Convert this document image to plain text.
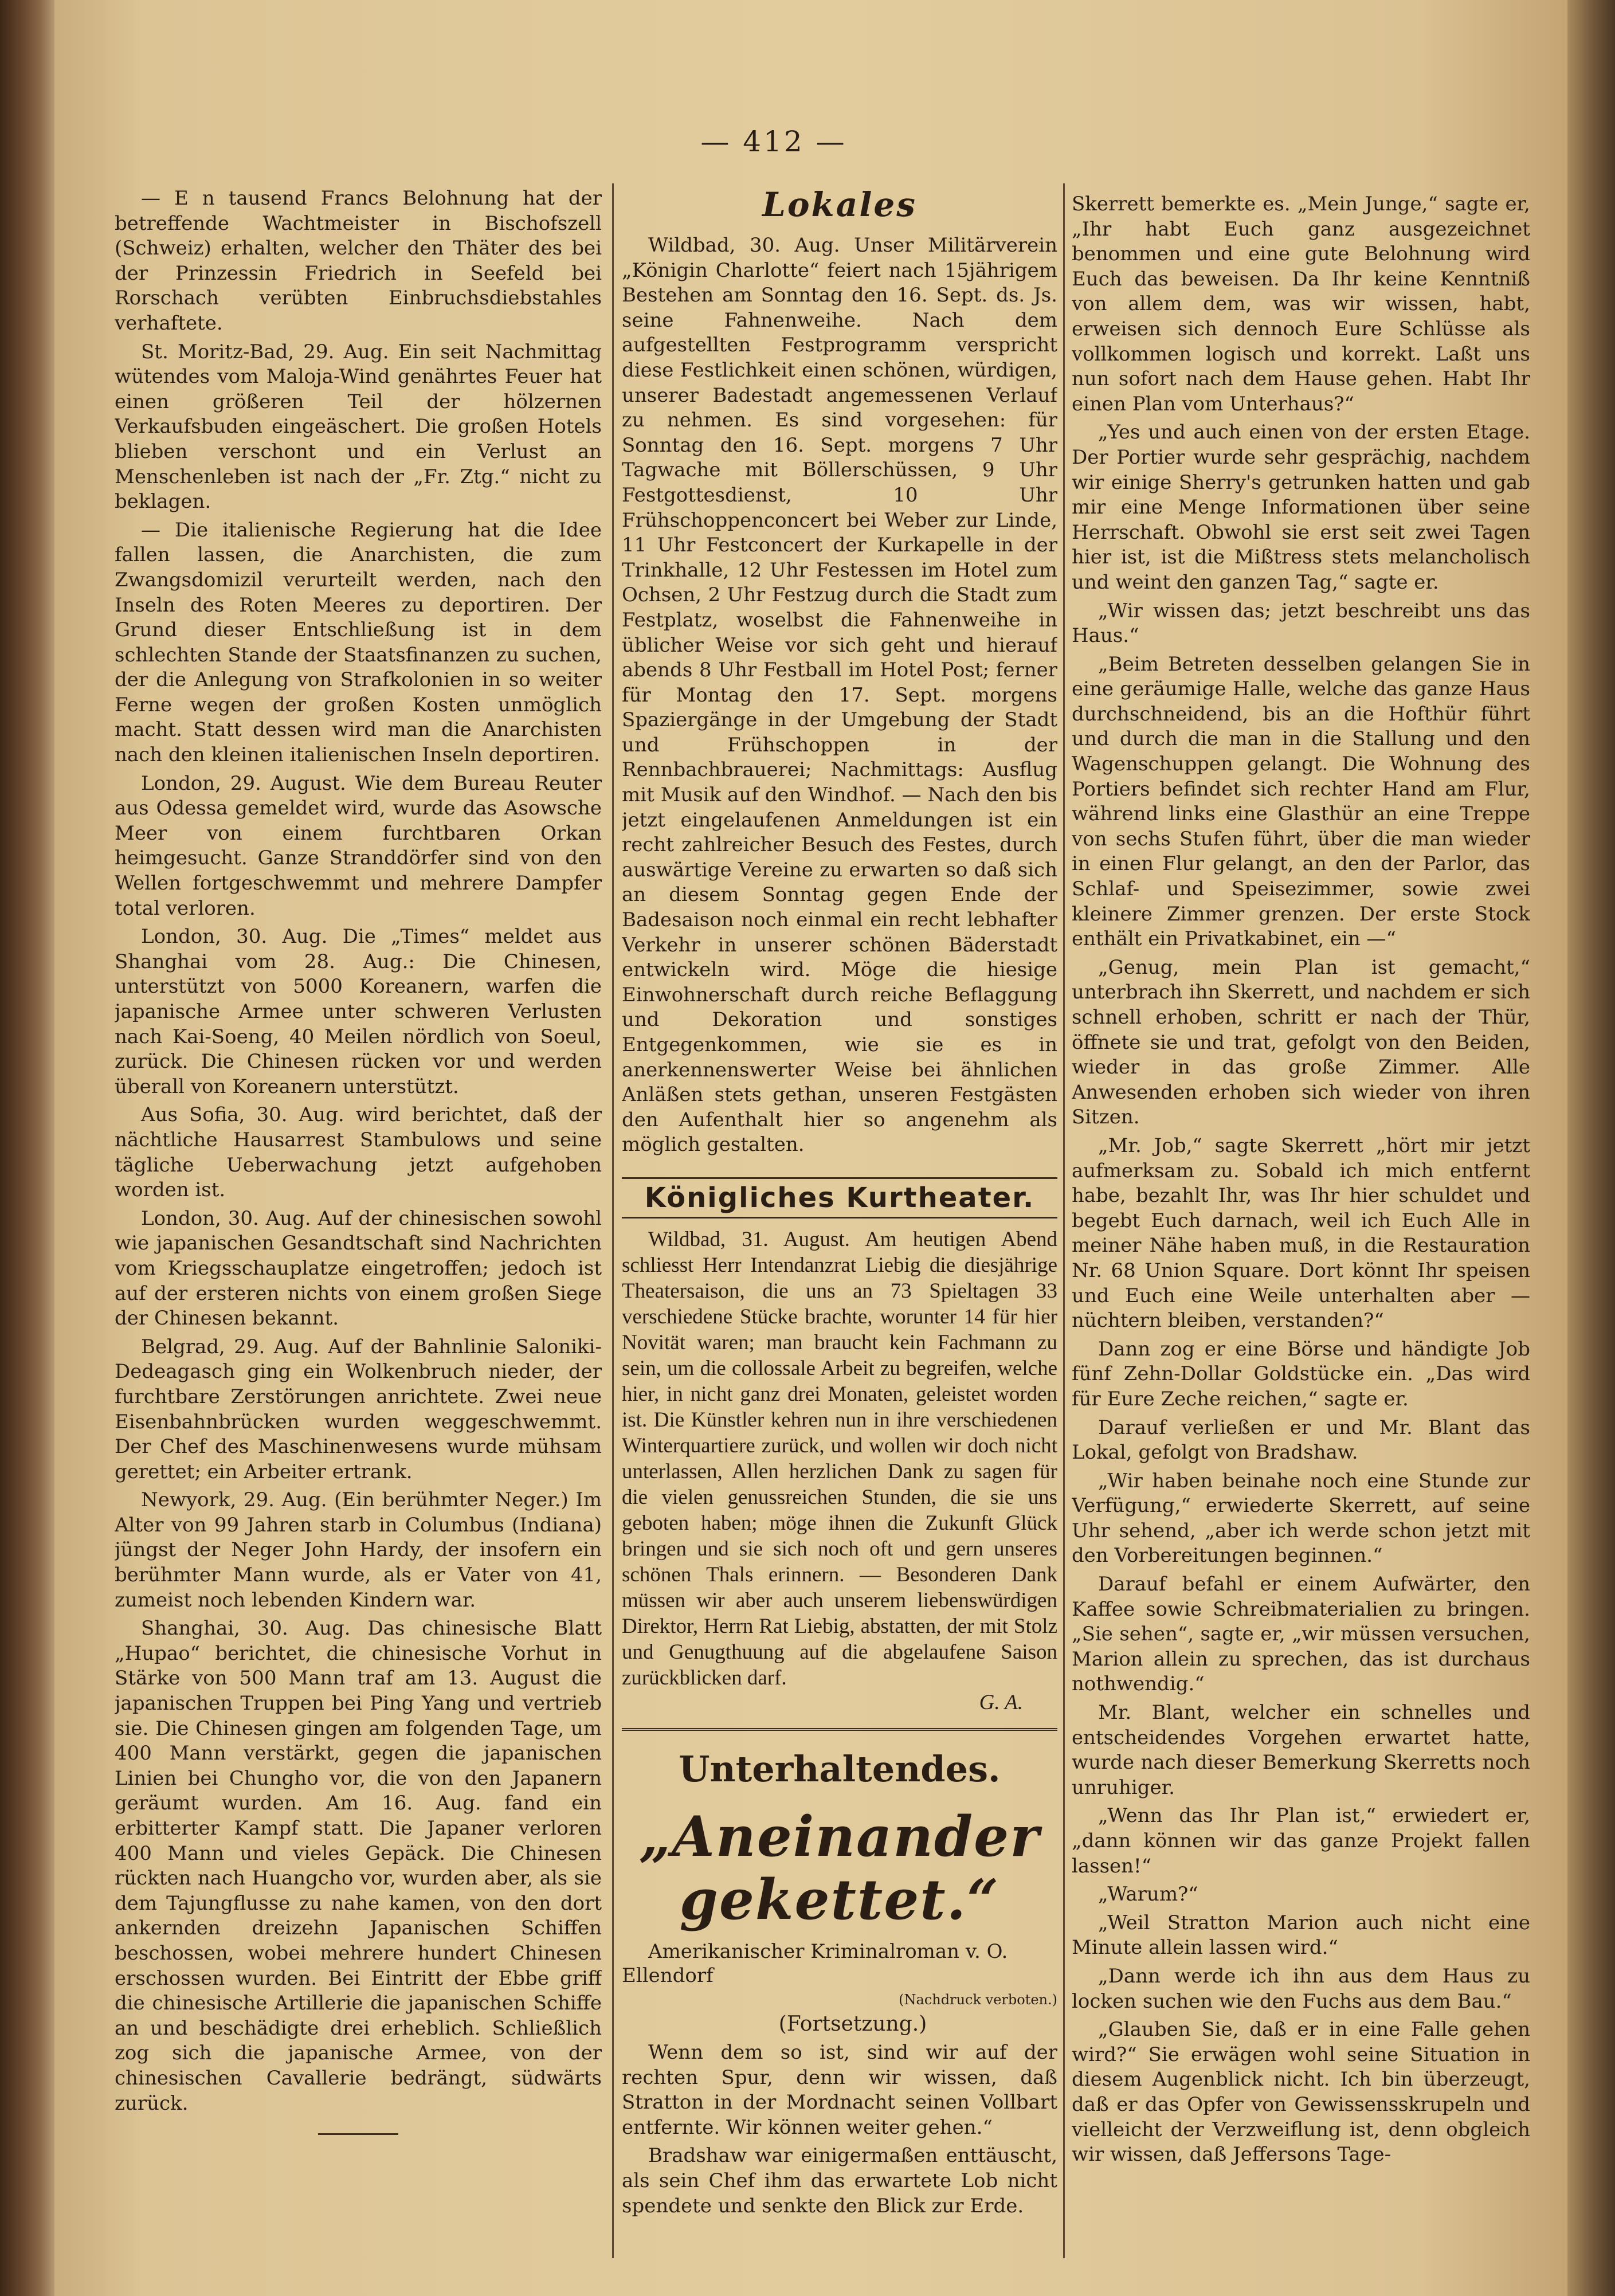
— 412 —

— E n tausend Francs Belohnung hat der betreffende Wachtmeister in Bischofszell (Schweiz) erhalten, welcher den Thäter des bei der Prinzessin Friedrich in Seefeld bei Rorschach verübten Einbruchsdiebstahles verhaftete.

St. Moritz-Bad, 29. Aug. Ein seit Nachmittag wütendes vom Maloja-Wind genährtes Feuer hat einen größeren Teil der hölzernen Verkaufsbuden eingeäschert. Die großen Hotels blieben verschont und ein Verlust an Menschenleben ist nach der „Fr. Ztg.“ nicht zu beklagen.

— Die italienische Regierung hat die Idee fallen lassen, die Anarchisten, die zum Zwangsdomizil verurteilt werden, nach den Inseln des Roten Meeres zu deportiren. Der Grund dieser Entschließung ist in dem schlechten Stande der Staatsfinanzen zu suchen, der die Anlegung von Strafkolonien in so weiter Ferne wegen der großen Kosten unmöglich macht. Statt dessen wird man die Anarchisten nach den kleinen italienischen Inseln deportiren.

London, 29. August. Wie dem Bureau Reuter aus Odessa gemeldet wird, wurde das Asowsche Meer von einem furchtbaren Orkan heimgesucht. Ganze Stranddörfer sind von den Wellen fortgeschwemmt und mehrere Dampfer total verloren.

London, 30. Aug. Die „Times“ meldet aus Shanghai vom 28. Aug.: Die Chinesen, unterstützt von 5000 Koreanern, warfen die japanische Armee unter schweren Verlusten nach Kai-Soeng, 40 Meilen nördlich von Soeul, zurück. Die Chinesen rücken vor und werden überall von Koreanern unterstützt.

Aus Sofia, 30. Aug. wird berichtet, daß der nächtliche Hausarrest Stambulows und seine tägliche Ueberwachung jetzt aufgehoben worden ist.

London, 30. Aug. Auf der chinesischen sowohl wie japanischen Gesandtschaft sind Nachrichten vom Kriegsschauplatze eingetroffen; jedoch ist auf der ersteren nichts von einem großen Siege der Chinesen bekannt.

Belgrad, 29. Aug. Auf der Bahnlinie Saloniki-Dedeagasch ging ein Wolkenbruch nieder, der furchtbare Zerstörungen anrichtete. Zwei neue Eisenbahnbrücken wurden weggeschwemmt. Der Chef des Maschinenwesens wurde mühsam gerettet; ein Arbeiter ertrank.

Newyork, 29. Aug. (Ein berühmter Neger.) Im Alter von 99 Jahren starb in Columbus (Indiana) jüngst der Neger John Hardy, der insofern ein berühmter Mann wurde, als er Vater von 41, zumeist noch lebenden Kindern war.

Shanghai, 30. Aug. Das chinesische Blatt „Hupao“ berichtet, die chinesische Vorhut in Stärke von 500 Mann traf am 13. August die japanischen Truppen bei Ping Yang und vertrieb sie. Die Chinesen gingen am folgenden Tage, um 400 Mann verstärkt, gegen die japanischen Linien bei Chungho vor, die von den Japanern geräumt wurden. Am 16. Aug. fand ein erbitterter Kampf statt. Die Japaner verloren 400 Mann und vieles Gepäck. Die Chinesen rückten nach Huangcho vor, wurden aber, als sie dem Tajungflusse zu nahe kamen, von den dort ankernden dreizehn Japanischen Schiffen beschossen, wobei mehrere hundert Chinesen erschossen wurden. Bei Eintritt der Ebbe griff die chinesische Artillerie die japanischen Schiffe an und beschädigte drei erheblich. Schließlich zog sich die japanische Armee, von der chinesischen Cavallerie bedrängt, südwärts zurück.

Lokales

Wildbad, 30. Aug. Unser Militärverein „Königin Charlotte“ feiert nach 15jährigem Bestehen am Sonntag den 16. Sept. ds. Js. seine Fahnenweihe. Nach dem aufgestellten Festprogramm verspricht diese Festlichkeit einen schönen, würdigen, unserer Badestadt angemessenen Verlauf zu nehmen. Es sind vorgesehen: für Sonntag den 16. Sept. morgens 7 Uhr Tagwache mit Böllerschüssen, 9 Uhr Festgottesdienst, 10 Uhr Frühschoppenconcert bei Weber zur Linde, 11 Uhr Festconcert der Kurkapelle in der Trinkhalle, 12 Uhr Festessen im Hotel zum Ochsen, 2 Uhr Festzug durch die Stadt zum Festplatz, woselbst die Fahnenweihe in üblicher Weise vor sich geht und hierauf abends 8 Uhr Festball im Hotel Post; ferner für Montag den 17. Sept. morgens Spaziergänge in der Umgebung der Stadt und Frühschoppen in der Rennbachbrauerei; Nachmittags: Ausflug mit Musik auf den Windhof. — Nach den bis jetzt eingelaufenen Anmeldungen ist ein recht zahlreicher Besuch des Festes, durch auswärtige Vereine zu erwarten so daß sich an diesem Sonntag gegen Ende der Badesaison noch einmal ein recht lebhafter Verkehr in unserer schönen Bäderstadt entwickeln wird. Möge die hiesige Einwohnerschaft durch reiche Beflaggung und Dekoration und sonstiges Entgegenkommen, wie sie es in anerkennenswerter Weise bei ähnlichen Anläßen stets gethan, unseren Festgästen den Aufenthalt hier so angenehm als möglich gestalten.

Königliches Kurtheater.

Wildbad, 31. August. Am heutigen Abend schliesst Herr Intendanzrat Liebig die diesjährige Theatersaison, die uns an 73 Spieltagen 33 verschiedene Stücke brachte, worunter 14 für hier Novität waren; man braucht kein Fachmann zu sein, um die collossale Arbeit zu begreifen, welche hier, in nicht ganz drei Monaten, geleistet worden ist. Die Künstler kehren nun in ihre verschiedenen Winterquartiere zurück, und wollen wir doch nicht unterlassen, Allen herzlichen Dank zu sagen für die vielen genussreichen Stunden, die sie uns geboten haben; möge ihnen die Zukunft Glück bringen und sie sich noch oft und gern unseres schönen Thals erinnern. — Besonderen Dank müssen wir aber auch unserem liebenswürdigen Direktor, Herrn Rat Liebig, abstatten, der mit Stolz und Genugthuung auf die abgelaufene Saison zurückblicken darf.

G. A.
Unterhaltendes.
„Aneinander gekettet.“

Amerikanischer Kriminalroman v. O. Ellendorf

(Nachdruck verboten.)

(Fortsetzung.)

Wenn dem so ist, sind wir auf der rechten Spur, denn wir wissen, daß Stratton in der Mordnacht seinen Vollbart entfernte. Wir können weiter gehen.“

Bradshaw war einigermaßen enttäuscht, als sein Chef ihm das erwartete Lob nicht spendete und senkte den Blick zur Erde.

Skerrett bemerkte es. „Mein Junge,“ sagte er, „Ihr habt Euch ganz ausgezeichnet benommen und eine gute Belohnung wird Euch das beweisen. Da Ihr keine Kenntniß von allem dem, was wir wissen, habt, erweisen sich dennoch Eure Schlüsse als vollkommen logisch und korrekt. Laßt uns nun sofort nach dem Hause gehen. Habt Ihr einen Plan vom Unterhaus?“

„Yes und auch einen von der ersten Etage. Der Portier wurde sehr gesprächig, nachdem wir einige Sherry's getrunken hatten und gab mir eine Menge Informationen über seine Herrschaft. Obwohl sie erst seit zwei Tagen hier ist, ist die Mißtress stets melancholisch und weint den ganzen Tag,“ sagte er.

„Wir wissen das; jetzt beschreibt uns das Haus.“

„Beim Betreten desselben gelangen Sie in eine geräumige Halle, welche das ganze Haus durchschneidend, bis an die Hofthür führt und durch die man in die Stallung und den Wagenschuppen gelangt. Die Wohnung des Portiers befindet sich rechter Hand am Flur, während links eine Glasthür an eine Treppe von sechs Stufen führt, über die man wieder in einen Flur gelangt, an den der Parlor, das Schlaf- und Speisezimmer, sowie zwei kleinere Zimmer grenzen. Der erste Stock enthält ein Privatkabinet, ein —“

„Genug, mein Plan ist gemacht,“ unterbrach ihn Skerrett, und nachdem er sich schnell erhoben, schritt er nach der Thür, öffnete sie und trat, gefolgt von den Beiden, wieder in das große Zimmer. Alle Anwesenden erhoben sich wieder von ihren Sitzen.

„Mr. Job,“ sagte Skerrett „hört mir jetzt aufmerksam zu. Sobald ich mich entfernt habe, bezahlt Ihr, was Ihr hier schuldet und begebt Euch darnach, weil ich Euch Alle in meiner Nähe haben muß, in die Restauration Nr. 68 Union Square. Dort könnt Ihr speisen und Euch eine Weile unterhalten aber — nüchtern bleiben, verstanden?“

Dann zog er eine Börse und händigte Job fünf Zehn-Dollar Goldstücke ein. „Das wird für Eure Zeche reichen,“ sagte er.

Darauf verließen er und Mr. Blant das Lokal, gefolgt von Bradshaw.

„Wir haben beinahe noch eine Stunde zur Verfügung,“ erwiederte Skerrett, auf seine Uhr sehend, „aber ich werde schon jetzt mit den Vorbereitungen beginnen.“

Darauf befahl er einem Aufwärter, den Kaffee sowie Schreibmaterialien zu bringen. „Sie sehen“, sagte er, „wir müssen versuchen, Marion allein zu sprechen, das ist durchaus nothwendig.“

Mr. Blant, welcher ein schnelles und entscheidendes Vorgehen erwartet hatte, wurde nach dieser Bemerkung Skerretts noch unruhiger.

„Wenn das Ihr Plan ist,“ erwiedert er, „dann können wir das ganze Projekt fallen lassen!“

„Warum?“

„Weil Stratton Marion auch nicht eine Minute allein lassen wird.“

„Dann werde ich ihn aus dem Haus zu locken suchen wie den Fuchs aus dem Bau.“

„Glauben Sie, daß er in eine Falle gehen wird?“ Sie erwägen wohl seine Situation in diesem Augenblick nicht. Ich bin überzeugt, daß er das Opfer von Gewissensskrupeln und vielleicht der Verzweiflung ist, denn obgleich wir wissen, daß Jeffersons Tage-
